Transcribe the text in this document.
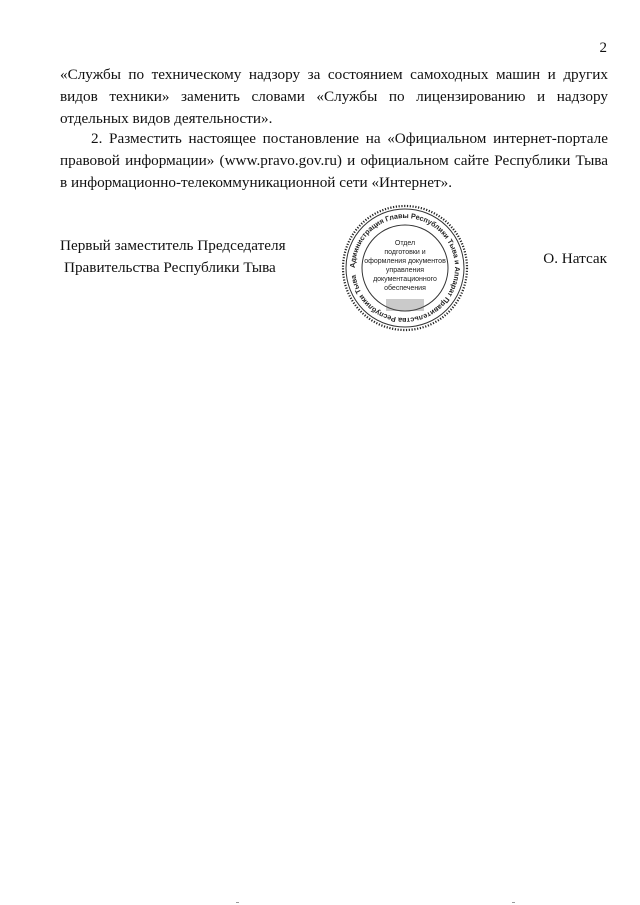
2

«Службы по техническому надзору за состоянием самоходных машин и других видов техники» заменить словами «Службы по лицензированию и надзору отдельных видов деятельности».

2. Разместить настоящее постановление на «Официальном интернет-портале правовой информации» (www.pravo.gov.ru) и официальном сайте Республики Тыва в информационно-телекоммуникационной сети «Интернет».

Первый заместитель Председателя
Правительства Республики Тыва	Администрация Главы Республики Тыва и Аппарат Правительства Республики Тыва
Отдел
подготовки и
оформления документов
управления
документационного
обеспечения
О. Натсак
